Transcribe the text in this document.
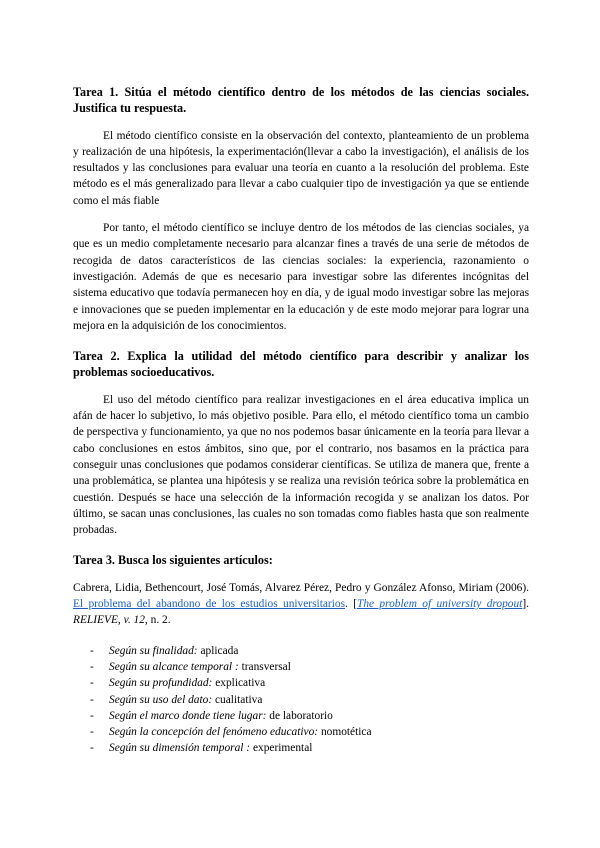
Tarea 1. Sitúa el método científico dentro de los métodos de las ciencias sociales. Justifica tu respuesta.

El método científico consiste en la observación del contexto, planteamiento de un problema y realización de una hipótesis, la experimentación(llevar a cabo la investigación), el análisis de los resultados y las conclusiones para evaluar una teoría en cuanto a la resolución del problema. Este método es el más generalizado para llevar a cabo cualquier tipo de investigación ya que se entiende como el más fiable

Por tanto, el método científico se incluye dentro de los métodos de las ciencias sociales, ya que es un medio completamente necesario para alcanzar fines a través de una serie de métodos de recogida de datos característicos de las ciencias sociales: la experiencia, razonamiento o investigación. Además de que es necesario para investigar sobre las diferentes incógnitas del sistema educativo que todavía permanecen hoy en día, y de igual modo investigar sobre las mejoras e innovaciones que se pueden implementar en la educación y de este modo mejorar para lograr una mejora en la adquisición de los conocimientos.

Tarea 2. Explica la utilidad del método científico para describir y analizar los problemas socioeducativos.

El uso del método científico para realizar investigaciones en el área educativa implica un afán de hacer lo subjetivo, lo más objetivo posible. Para ello, el método científico toma un cambio de perspectiva y funcionamiento, ya que no nos podemos basar únicamente en la teoría para llevar a cabo conclusiones en estos ámbitos, sino que, por el contrario, nos basamos en la práctica para conseguir unas conclusiones que podamos considerar científicas. Se utiliza de manera que, frente a una problemática, se plantea una hipótesis y se realiza una revisión teórica sobre la problemática en cuestión. Después se hace una selección de la información recogida y se analizan los datos. Por último, se sacan unas conclusiones, las cuales no son tomadas como fiables hasta que son realmente probadas.

Tarea 3. Busca los siguientes artículos:

Cabrera, Lidia, Bethencourt, José Tomás, Alvarez Pérez, Pedro y González Afonso, Miriam (2006). El problema del abandono de los estudios universitarios. [The problem of university dropout]. RELIEVE, v. 12, n. 2.

- Según su finalidad: aplicada
- Según su alcance temporal : transversal
- Según su profundidad: explicativa
- Según su uso del dato: cualitativa
- Según el marco donde tiene lugar: de laboratorio
- Según la concepción del fenómeno educativo: nomotética
- Según su dimensión temporal : experimental
